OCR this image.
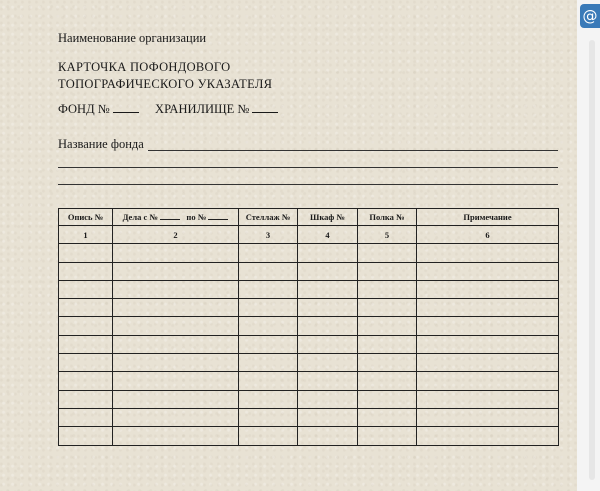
Наименование организации
КАРТОЧКА ПОФОНДОВОГО
ТОПОГРАФИЧЕСКОГО УКАЗАТЕЛЯ
ФОНД №	ХРАНИЛИЩЕ №
Название фонда
Опись №	Дела с № по №	Стеллаж №	Шкаф №	Полка №	Примечание
1	2	3	4	5	6

@
